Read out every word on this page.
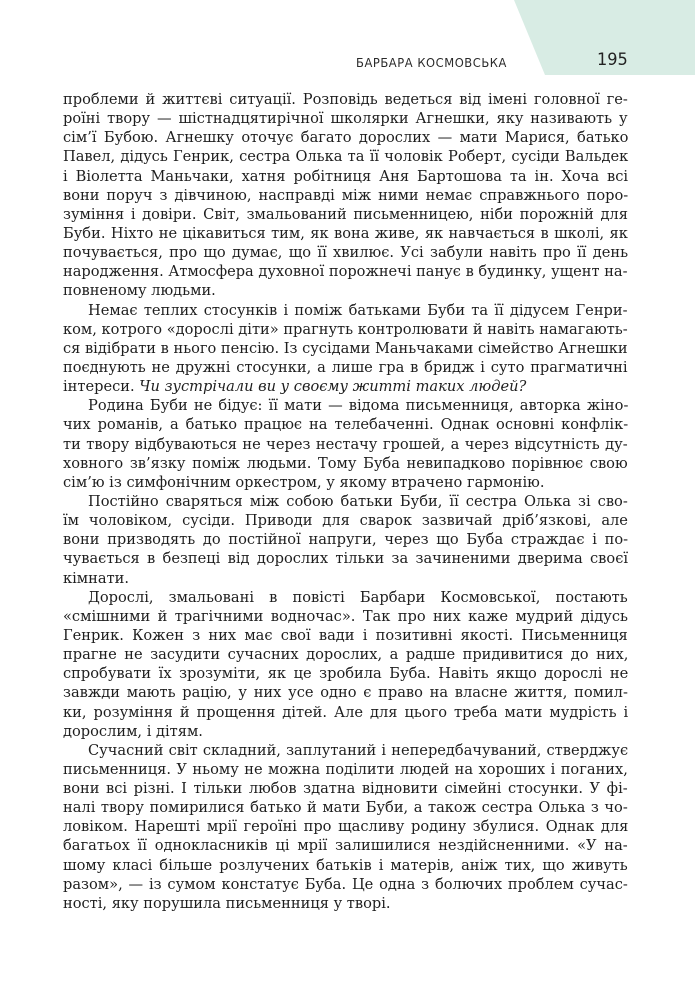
БАРБАРА КОСМОВСЬКА	195
проблеми й життєві ситуації. Розповідь ведеться від імені головної ге-
роїні твору — шістнадцятирічної школярки Агнешки, яку називають у
сім’ї Бубою. Агнешку оточує багато дорослих — мати Марися, батько
Павел, дідусь Генрик, сестра Олька та її чоловік Роберт, сусіди Вальдек
і Віолетта Маньчаки, хатня робітниця Аня Бартошова та ін. Хоча всі
вони поруч з дівчиною, насправді між ними немає справжнього поро-
зуміння і довіри. Світ, змальований письменницею, ніби порожній для
Буби. Ніхто не цікавиться тим, як вона живе, як навчається в школі, як
почувається, про що думає, що її хвилює. Усі забули навіть про її день
народження. Атмосфера духовної порожнечі панує в будинку, ущент на-
повненому людьми.
Немає теплих стосунків і поміж батьками Буби та її дідусем Генри-
ком, котрого «дорослі діти» прагнуть контролювати й навіть намагають-
ся відібрати в нього пенсію. Із сусідами Маньчаками сімейство Агнешки
поєднують не дружні стосунки, а лише гра в бридж і суто прагматичні
інтереси. Чи зустрічали ви у своєму житті таких людей?
Родина Буби не бідує: її мати — відома письменниця, авторка жіно-
чих романів, а батько працює на телебаченні. Однак основні конфлік-
ти твору відбуваються не через нестачу грошей, а через відсутність ду-
ховного зв’язку поміж людьми. Тому Буба невипадково порівнює свою
сім’ю із симфонічним оркестром, у якому втрачено гармонію.
Постійно сваряться між собою батьки Буби, її сестра Олька зі сво-
їм чоловіком, сусіди. Приводи для сварок зазвичай дріб’язкові, але
вони призводять до постійної напруги, через що Буба страждає і по-
чувається в безпеці від дорослих тільки за зачиненими дверима своєї
кімнати.
Дорослі, змальовані в повісті Барбари Космовської, постають
«смішними й трагічними водночас». Так про них каже мудрий дідусь
Генрик. Кожен з них має свої вади і позитивні якості. Письменниця
прагне не засудити сучасних дорослих, а радше придивитися до них,
спробувати їх зрозуміти, як це зробила Буба. Навіть якщо дорослі не
завжди мають рацію, у них усе одно є право на власне життя, помил-
ки, розуміння й прощення дітей. Але для цього треба мати мудрість і
дорослим, і дітям.
Сучасний світ складний, заплутаний і непередбачуваний, стверджує
письменниця. У ньому не можна поділити людей на хороших і поганих,
вони всі різні. І тільки любов здатна відновити сімейні стосунки. У фі-
налі твору помирилися батько й мати Буби, а також сестра Олька з чо-
ловіком. Нарешті мрії героїні про щасливу родину збулися. Однак для
багатьох її однокласників ці мрії залишилися нездійсненними. «У на-
шому класі більше розлучених батьків і матерів, аніж тих, що живуть
разом», — із сумом констатує Буба. Це одна з болючих проблем сучас-
ності, яку порушила письменниця у творі.
